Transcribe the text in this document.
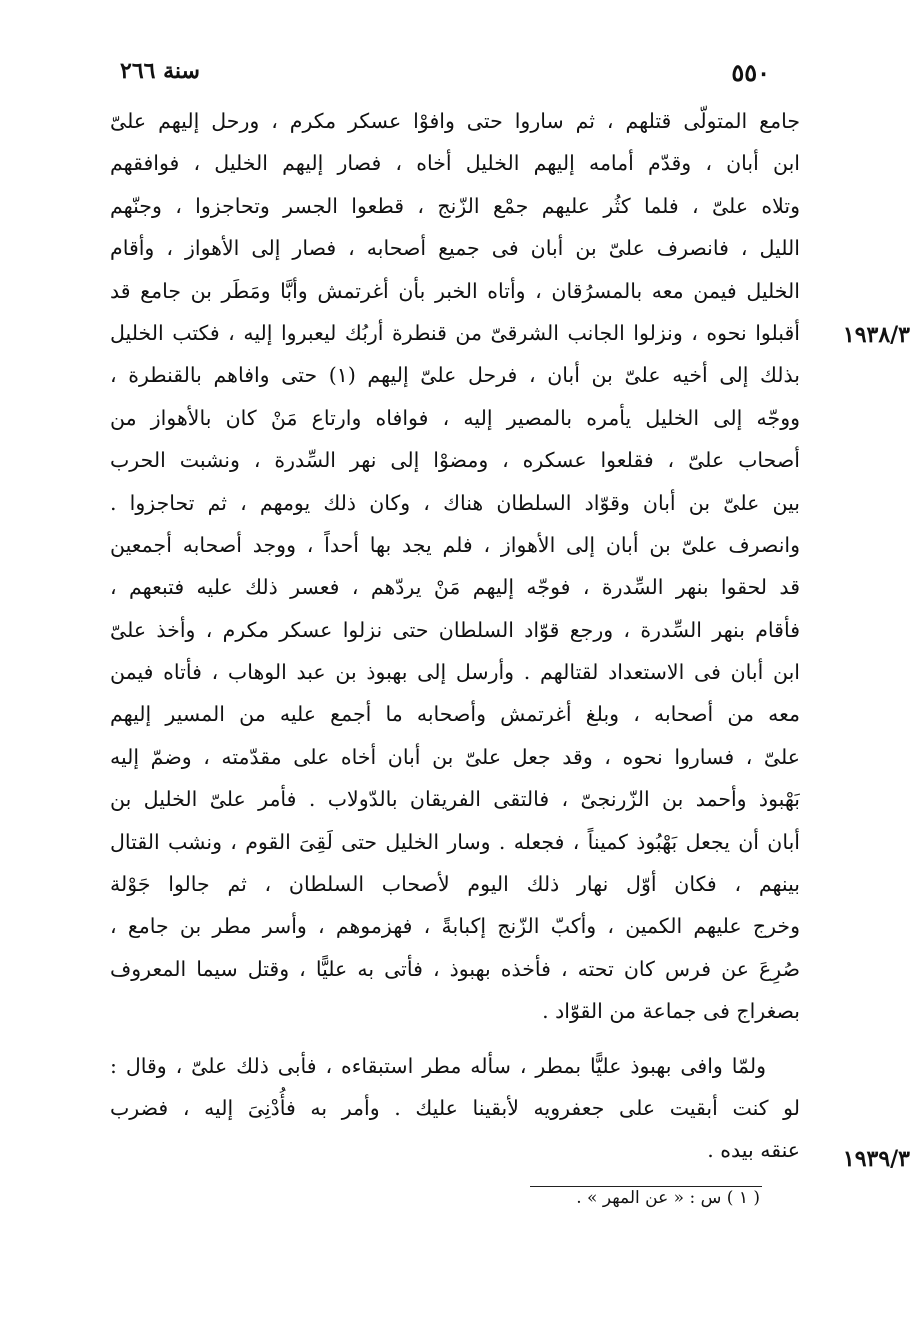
سنة ٢٦٦	٥٥٠
١٩٣٨/٣
١٩٣٩/٣
جامع المتولّى قتلهم ، ثم ساروا حتى وافوْا عسكر مكرم ، ورحل إليهم علىّ
ابن أبان ، وقدّم أمامه إليهم الخليل أخاه ، فصار إليهم الخليل ، فوافقهم
وتلاه علىّ ، فلما كثُر عليهم جمْع الزّنج ، قطعوا الجسر وتحاجزوا ، وجنّهم
الليل ، فانصرف علىّ بن أبان فى جميع أصحابه ، فصار إلى الأهواز ، وأقام
الخليل فيمن معه بالمسرُقان ، وأتاه الخبر بأن أغرتمش وأبَّا ومَطَر بن جامع قد
أقبلوا نحوه ، ونزلوا الجانب الشرقىّ من قنطرة أربُك ليعبروا إليه ، فكتب الخليل
بذلك إلى أخيه علىّ بن أبان ، فرحل علىّ إليهم (١) حتى وافاهم بالقنطرة ،
ووجّه إلى الخليل يأمره بالمصير إليه ، فوافاه وارتاع مَنْ كان بالأهواز من
أصحاب علىّ ، فقلعوا عسكره ، ومضوْا إلى نهر السِّدرة ، ونشبت الحرب
بين علىّ بن أبان وقوّاد السلطان هناك ، وكان ذلك يومهم ، ثم تحاجزوا .
وانصرف علىّ بن أبان إلى الأهواز ، فلم يجد بها أحداً ، ووجد أصحابه أجمعين
قد لحقوا بنهر السِّدرة ، فوجّه إليهم مَنْ يردّهم ، فعسر ذلك عليه فتبعهم ،
فأقام بنهر السِّدرة ، ورجع قوّاد السلطان حتى نزلوا عسكر مكرم ، وأخذ علىّ
ابن أبان فى الاستعداد لقتالهم . وأرسل إلى بهبوذ بن عبد الوهاب ، فأتاه فيمن
معه من أصحابه ، وبلغ أغرتمش وأصحابه ما أجمع عليه من المسير إليهم
علىّ ، فساروا نحوه ، وقد جعل علىّ بن أبان أخاه على مقدّمته ، وضمّ إليه
بَهْبوذ وأحمد بن الزّرنجىّ ، فالتقى الفريقان بالدّولاب . فأمر علىّ الخليل بن
أبان أن يجعل بَهْبُوذ كميناً ، فجعله . وسار الخليل حتى لَقِىَ القوم ، ونشب القتال
بينهم ، فكان أوّل نهار ذلك اليوم لأصحاب السلطان ، ثم جالوا جَوْلة
وخرج عليهم الكمين ، وأكبّ الزّنج إكبابةً ، فهزموهم ، وأسر مطر بن جامع ،
صُرِعَ عن فرس كان تحته ، فأخذه بهبوذ ، فأتى به عليًّا ، وقتل سيما المعروف
بصغراج فى جماعة من القوّاد .
ولمّا وافى بهبوذ عليًّا بمطر ، سأله مطر استبقاءه ، فأبى ذلك علىّ ، وقال :
لو كنت أبقيت على جعفرويه لأبقينا عليك . وأمر به فأُدْنِىَ إليه ، فضرب
عنقه بيده .
( ١ ) س : « عن المهر » .
